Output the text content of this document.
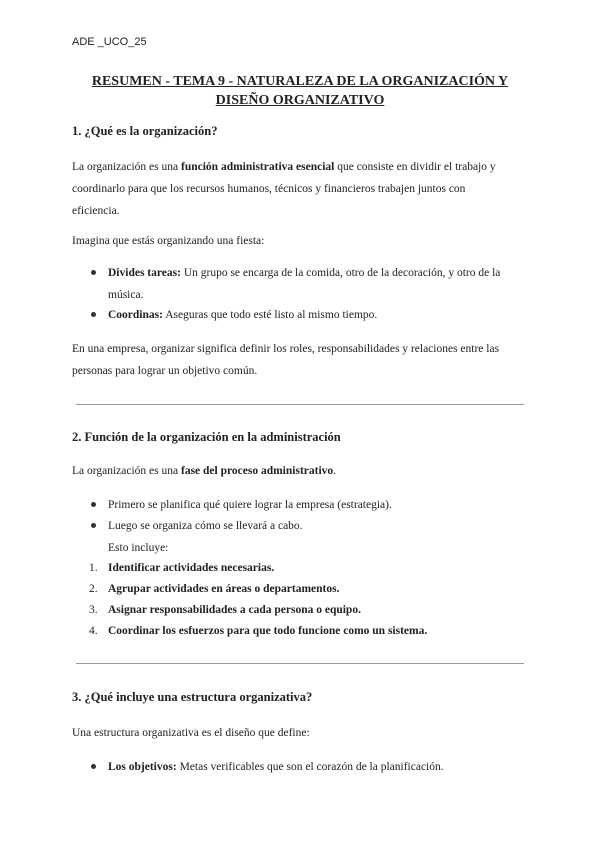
ADE _UCO_25
RESUMEN - TEMA 9 - NATURALEZA DE LA ORGANIZACIÓN Y
DISEÑO ORGANIZATIVO
1. ¿Qué es la organización?
La organización es una función administrativa esencial que consiste en dividir el trabajo y
coordinarlo para que los recursos humanos, técnicos y financieros trabajen juntos con
eficiencia.
Imagina que estás organizando una fiesta:
Divides tareas: Un grupo se encarga de la comida, otro de la decoración, y otro de la
música.
Coordinas: Aseguras que todo esté listo al mismo tiempo.
En una empresa, organizar significa definir los roles, responsabilidades y relaciones entre las
personas para lograr un objetivo común.
2. Función de la organización en la administración
La organización es una fase del proceso administrativo.
Primero se planifica qué quiere lograr la empresa (estrategia).
Luego se organiza cómo se llevará a cabo.
Esto incluye:
1. Identificar actividades necesarias.
2. Agrupar actividades en áreas o departamentos.
3. Asignar responsabilidades a cada persona o equipo.
4. Coordinar los esfuerzos para que todo funcione como un sistema.
3. ¿Qué incluye una estructura organizativa?
Una estructura organizativa es el diseño que define:
Los objetivos: Metas verificables que son el corazón de la planificación.
